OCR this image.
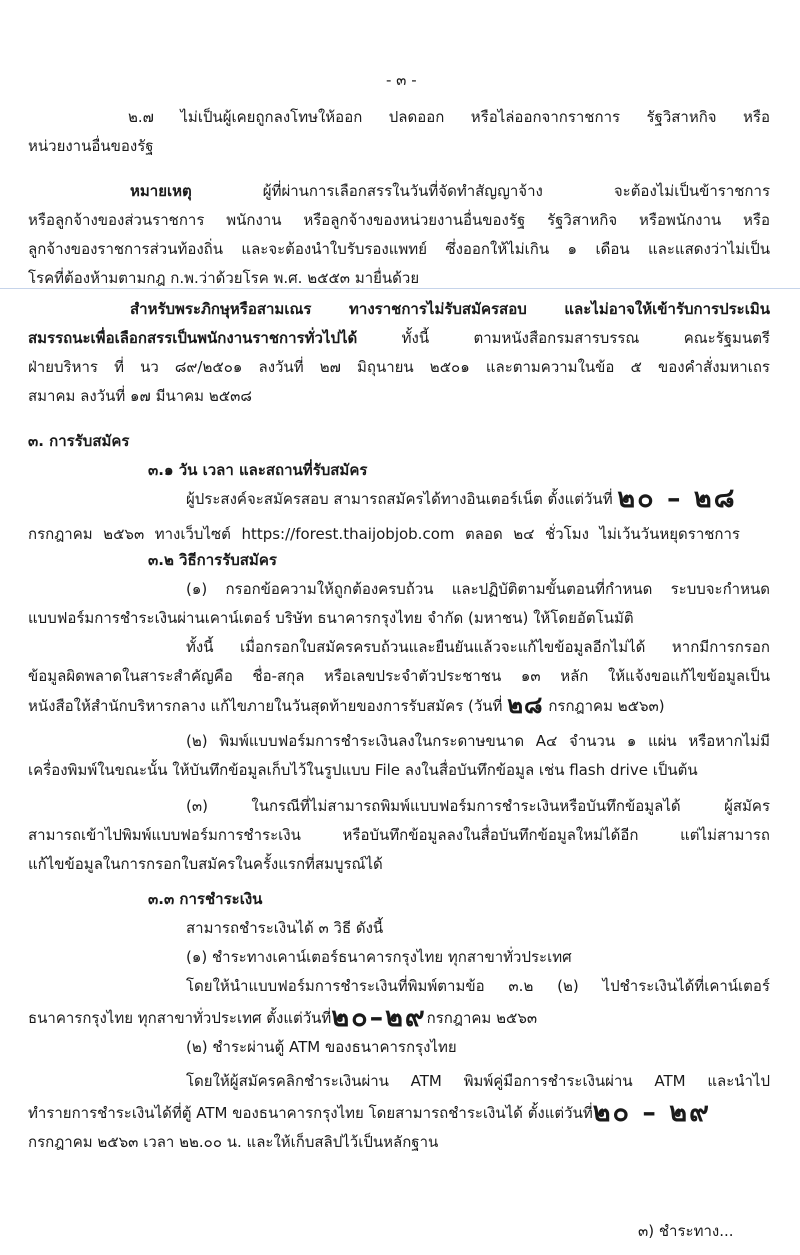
- ๓ -
๒.๗ ไม่เป็นผู้เคยถูกลงโทษให้ออก ปลดออก หรือไล่ออกจากราชการ รัฐวิสาหกิจ หรือ
หน่วยงานอื่นของรัฐ
หมายเหตุ ผู้ที่ผ่านการเลือกสรรในวันที่จัดทำสัญญาจ้าง จะต้องไม่เป็นข้าราชการ
หรือลูกจ้างของส่วนราชการ พนักงาน หรือลูกจ้างของหน่วยงานอื่นของรัฐ รัฐวิสาหกิจ หรือพนักงาน หรือ
ลูกจ้างของราชการส่วนท้องถิ่น และจะต้องนำใบรับรองแพทย์ ซึ่งออกให้ไม่เกิน ๑ เดือน และแสดงว่าไม่เป็น
โรคที่ต้องห้ามตามกฎ ก.พ.ว่าด้วยโรค พ.ศ. ๒๕๕๓ มายื่นด้วย
สำหรับพระภิกษุหรือสามเณร ทางราชการไม่รับสมัครสอบ และไม่อาจให้เข้ารับการประเมิน
สมรรถนะเพื่อเลือกสรรเป็นพนักงานราชการทั่วไปได้ ทั้งนี้ ตามหนังสือกรมสารบรรณ คณะรัฐมนตรี
ฝ่ายบริหาร ที่ นว ๘๙/๒๕๐๑ ลงวันที่ ๒๗ มิถุนายน ๒๕๐๑ และตามความในข้อ ๕ ของคำสั่งมหาเถร
สมาคม ลงวันที่ ๑๗ มีนาคม ๒๕๓๘
๓. การรับสมัคร
๓.๑ วัน เวลา และสถานที่รับสมัคร
ผู้ประสงค์จะสมัครสอบ สามารถสมัครได้ทางอินเตอร์เน็ต ตั้งแต่วันที่ ๒๐ – ๒๘
กรกฎาคม ๒๕๖๓ ทางเว็บไซต์ https://forest.thaijobjob.com ตลอด ๒๔ ชั่วโมง ไม่เว้นวันหยุดราชการ
๓.๒ วิธีการรับสมัคร
(๑) กรอกข้อความให้ถูกต้องครบถ้วน และปฏิบัติตามขั้นตอนที่กำหนด ระบบจะกำหนด
แบบฟอร์มการชำระเงินผ่านเคาน์เตอร์ บริษัท ธนาคารกรุงไทย จำกัด (มหาชน) ให้โดยอัตโนมัติ
ทั้งนี้ เมื่อกรอกใบสมัครครบถ้วนและยืนยันแล้วจะแก้ไขข้อมูลอีกไม่ได้ หากมีการกรอก
ข้อมูลผิดพลาดในสาระสำคัญคือ ชื่อ-สกุล หรือเลขประจำตัวประชาชน ๑๓ หลัก ให้แจ้งขอแก้ไขข้อมูลเป็น
หนังสือให้สำนักบริหารกลาง แก้ไขภายในวันสุดท้ายของการรับสมัคร (วันที่ ๒๘ กรกฎาคม ๒๕๖๓)
(๒) พิมพ์แบบฟอร์มการชำระเงินลงในกระดาษขนาด A๔ จำนวน ๑ แผ่น หรือหากไม่มี
เครื่องพิมพ์ในขณะนั้น ให้บันทึกข้อมูลเก็บไว้ในรูปแบบ File ลงในสื่อบันทึกข้อมูล เช่น flash drive เป็นต้น
(๓) ในกรณีที่ไม่สามารถพิมพ์แบบฟอร์มการชำระเงินหรือบันทึกข้อมูลได้ ผู้สมัคร
สามารถเข้าไปพิมพ์แบบฟอร์มการชำระเงิน หรือบันทึกข้อมูลลงในสื่อบันทึกข้อมูลใหม่ได้อีก แต่ไม่สามารถ
แก้ไขข้อมูลในการกรอกใบสมัครในครั้งแรกที่สมบูรณ์ได้
๓.๓ การชำระเงิน
สามารถชำระเงินได้ ๓ วิธี ดังนี้
(๑) ชำระทางเคาน์เตอร์ธนาคารกรุงไทย ทุกสาขาทั่วประเทศ
โดยให้นำแบบฟอร์มการชำระเงินที่พิมพ์ตามข้อ ๓.๒ (๒) ไปชำระเงินได้ที่เคาน์เตอร์
ธนาคารกรุงไทย ทุกสาขาทั่วประเทศ ตั้งแต่วันที่๒๐–๒๙กรกฎาคม ๒๕๖๓
(๒) ชำระผ่านตู้ ATM ของธนาคารกรุงไทย
โดยให้ผู้สมัครคลิกชำระเงินผ่าน ATM พิมพ์คู่มือการชำระเงินผ่าน ATM และนำไป
ทำรายการชำระเงินได้ที่ตู้ ATM ของธนาคารกรุงไทย โดยสามารถชำระเงินได้ ตั้งแต่วันที่๒๐ – ๒๙
กรกฎาคม ๒๕๖๓ เวลา ๒๒.๐๐ น. และให้เก็บสลิปไว้เป็นหลักฐาน
๓) ชำระทาง...
